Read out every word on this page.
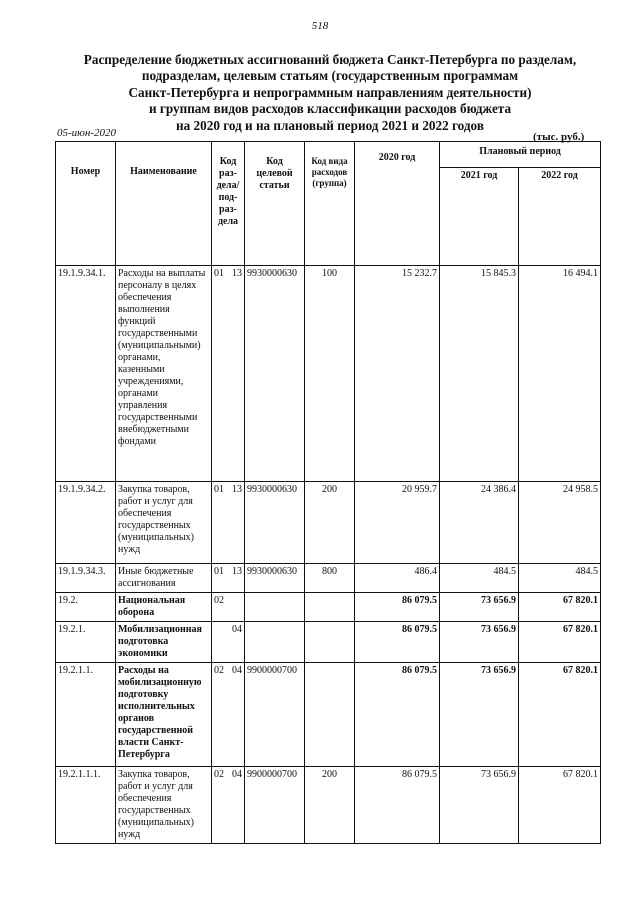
518
Распределение бюджетных ассигнований бюджета Санкт-Петербурга по разделам,
подразделам, целевым статьям (государственным программам
Санкт-Петербурга и непрограммным направлениям деятельности)
и группам видов расходов классификации расходов бюджета
на 2020 год и на плановый период 2021 и 2022 годов
05-июн-2020	(тыс. руб.)
Номер	Наименование	Код раз- дела/ под- раз- дела		Код целевой статьи	Код вида расходов (группа)	2020 год	Плановый период	
							2021 год	2022 год
19.1.9.34.1.	Расходы на выплаты персоналу в целях обеспечения выполнения функций государственными (муниципальными) органами, казенными учреждениями, органами управления государственными внебюджетными фондами	01	13	9930000630	100	15 232.7	15 845.3	16 494.1
19.1.9.34.2.	Закупка товаров, работ и услуг для обеспечения государственных (муниципальных) нужд	01	13	9930000630	200	20 959.7	24 386.4	24 958.5
19.1.9.34.3.	Иные бюджетные ассигнования	01	13	9930000630	800	486.4	484.5	484.5
19.2.	Национальная оборона	02				86 079.5	73 656.9	67 820.1
19.2.1.	Мобилизационная подготовка экономики		04			86 079.5	73 656.9	67 820.1
19.2.1.1.	Расходы на мобилизационную подготовку исполнительных органов государственной власти Санкт-Петербурга	02	04	9900000700		86 079.5	73 656.9	67 820.1
19.2.1.1.1.	Закупка товаров, работ и услуг для обеспечения государственных (муниципальных) нужд	02	04	9900000700	200	86 079.5	73 656.9	67 820.1
